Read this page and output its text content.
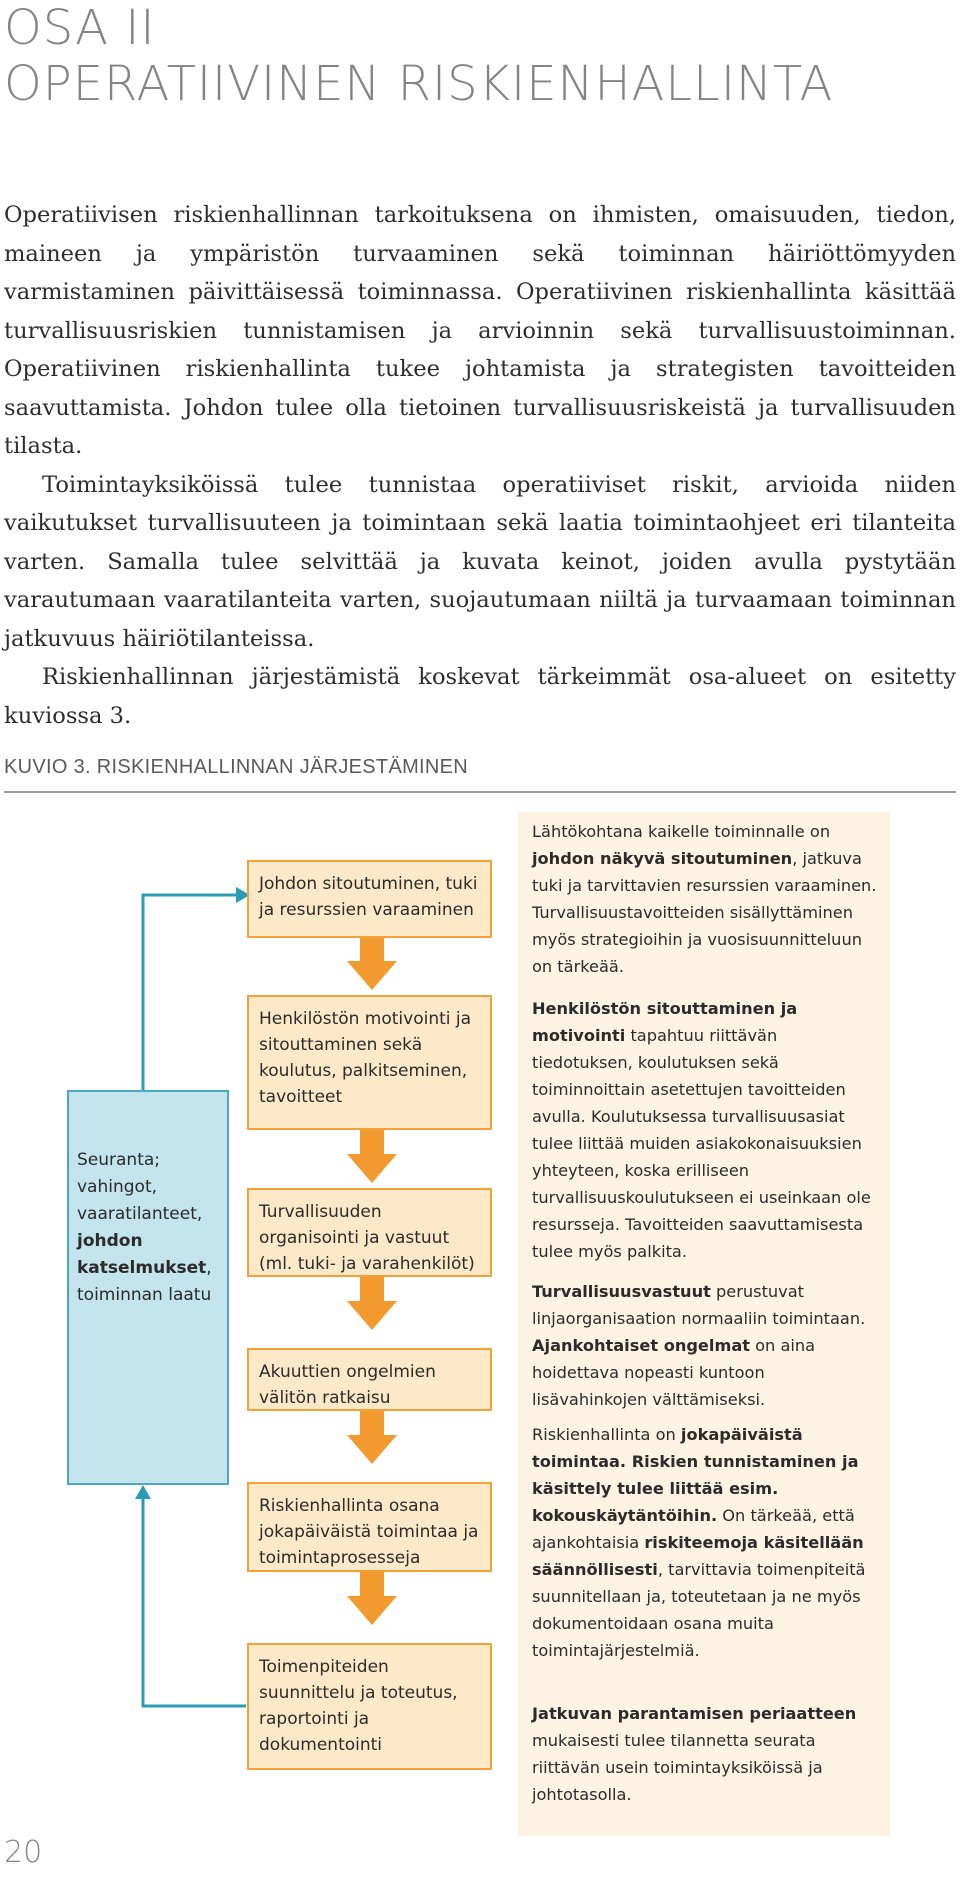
OSA II
OPERATIIVINEN RISKIENHALLINTA

Operatiivisen riskienhallinnan tarkoituksena on ihmisten, omaisuuden, tiedon, maineen ja ympäristön turvaaminen sekä toiminnan häiriöttömyyden varmistaminen päivittäisessä toiminnassa. Operatiivinen riskienhallinta käsittää turvallisuusriskien tunnistamisen ja arvioinnin sekä turvallisuustoiminnan. Operatiivinen riskienhallinta tukee johtamista ja strategisten tavoitteiden saavuttamista. Johdon tulee olla tietoinen turvallisuusriskeistä ja turvallisuuden tilasta.

Toimintayksiköissä tulee tunnistaa operatiiviset riskit, arvioida niiden vaikutukset turvallisuuteen ja toimintaan sekä laatia toimintaohjeet eri tilanteita varten. Samalla tulee selvittää ja kuvata keinot, joiden avulla pystytään varautumaan vaaratilanteita varten, suojautumaan niiltä ja turvaamaan toiminnan jatkuvuus häiriötilanteissa.

Riskienhallinnan järjestämistä koskevat tärkeimmät osa-alueet on esitetty kuviossa 3.

KUVIO 3. RISKIENHALLINNAN JÄRJESTÄMINEN
Johdon sitoutuminen, tuki ja resurssien varaaminen
Henkilöstön motivointi ja sitouttaminen sekä koulutus, palkitseminen, tavoitteet
Turvallisuuden organisointi ja vastuut (ml. tuki- ja varahenkilöt)
Akuuttien ongelmien välitön ratkaisu
Riskienhallinta osana jokapäiväistä toimintaa ja toimintaprosesseja
Toimenpiteiden suunnittelu ja toteutus, raportointi ja dokumentointi
Seuranta; vahingot, vaaratilanteet, johdon katselmukset, toiminnan laatu
Lähtökohtana kaikelle toiminnalle on johdon näkyvä sitoutuminen, jatkuva tuki ja tarvittavien resurssien varaaminen. Turvallisuustavoitteiden sisällyttäminen myös strategioihin ja vuosisuunnitteluun on tärkeää.
Henkilöstön sitouttaminen ja motivointi tapahtuu riittävän tiedotuksen, koulutuksen sekä toiminnoittain asetettujen tavoitteiden avulla. Koulutuksessa turvallisuusasiat tulee liittää muiden asiakokonaisuuksien yhteyteen, koska erilliseen turvallisuuskoulutukseen ei useinkaan ole resursseja. Tavoitteiden saavuttamisesta tulee myös palkita.
Turvallisuusvastuut perustuvat linjaorganisaation normaaliin toimintaan. Ajankohtaiset ongelmat on aina hoidettava nopeasti kuntoon lisävahinkojen välttämiseksi.
Riskienhallinta on jokapäiväistä toimintaa. Riskien tunnistaminen ja käsittely tulee liittää esim. kokouskäytäntöihin. On tärkeää, että ajankohtaisia riskiteemoja käsitellään säännöllisesti, tarvittavia toimenpiteitä suunnitellaan ja, toteutetaan ja ne myös dokumentoidaan osana muita toimintajärjestelmiä.
Jatkuvan parantamisen periaatteen mukaisesti tulee tilannetta seurata riittävän usein toimintayksiköissä ja johtotasolla.
20
